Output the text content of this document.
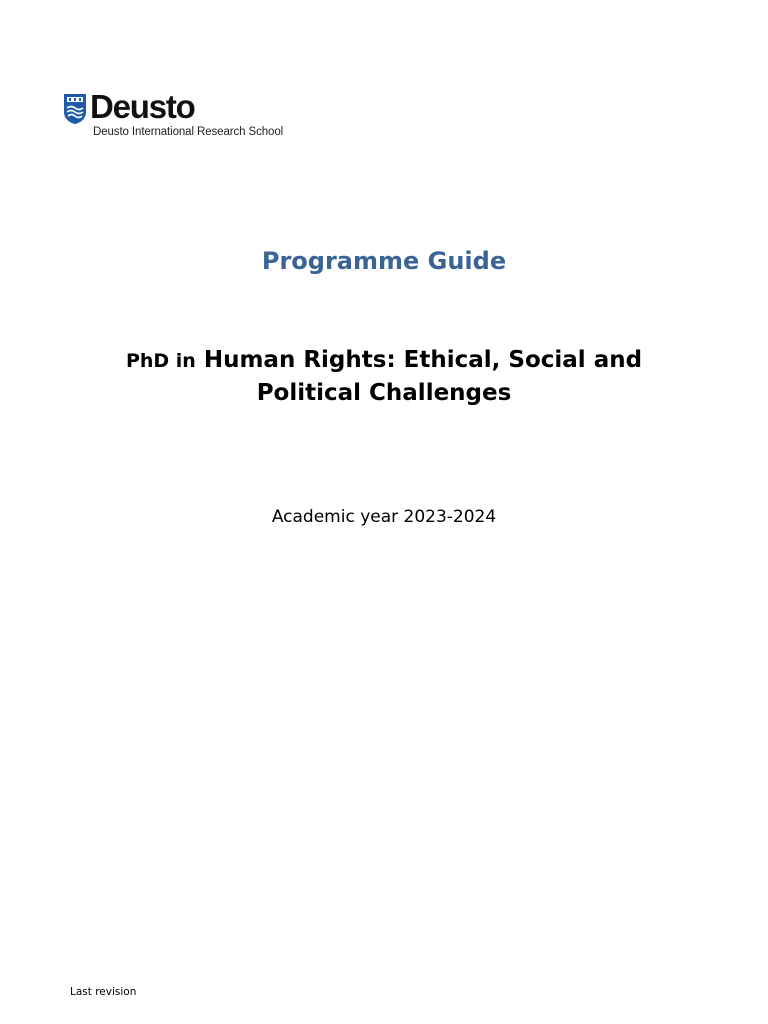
Deusto
Deusto International Research School
Programme Guide
PhD in Human Rights: Ethical, Social and Political Challenges
Academic year 2023-2024
Last revision
